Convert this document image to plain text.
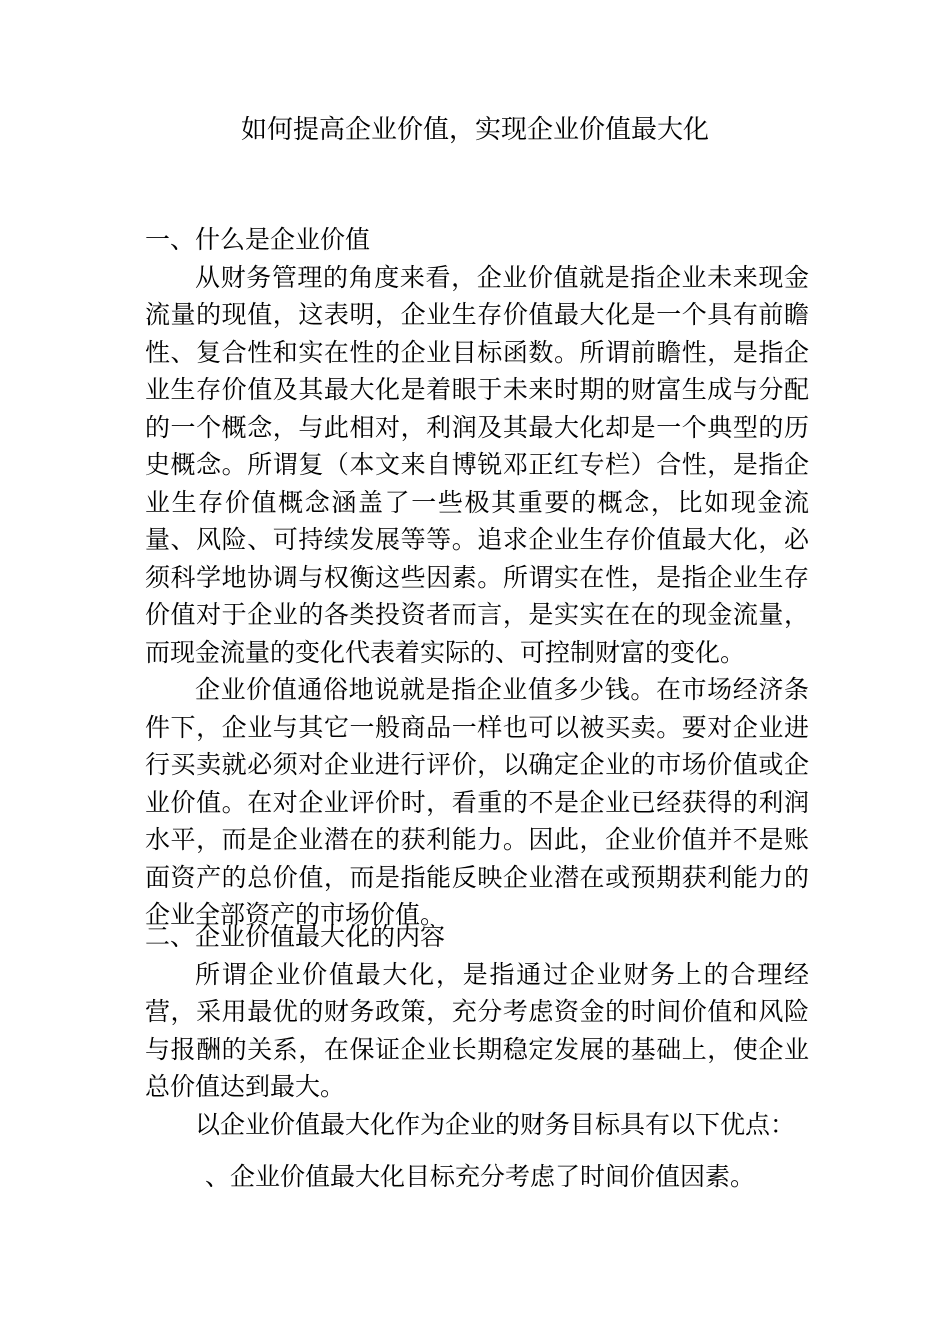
如何提高企业价值，实现企业价值最大化

一、什么是企业价值

从财务管理的角度来看，企业价值就是指企业未来现金流量的现值，这表明，企业生存价值最大化是一个具有前瞻性、复合性和实在性的企业目标函数。所谓前瞻性，是指企业生存价值及其最大化是着眼于未来时期的财富生成与分配的一个概念，与此相对，利润及其最大化却是一个典型的历史概念。所谓复（本文来自博锐邓正红专栏）合性，是指企业生存价值概念涵盖了一些极其重要的概念，比如现金流量、风险、可持续发展等等。追求企业生存价值最大化，必须科学地协调与权衡这些因素。所谓实在性，是指企业生存价值对于企业的各类投资者而言，是实实在在的现金流量，而现金流量的变化代表着实际的、可控制财富的变化。

企业价值通俗地说就是指企业值多少钱。在市场经济条件下，企业与其它一般商品一样也可以被买卖。要对企业进行买卖就必须对企业进行评价，以确定企业的市场价值或企业价值。在对企业评价时，看重的不是企业已经获得的利润水平，而是企业潜在的获利能力。因此，企业价值并不是账面资产的总价值，而是指能反映企业潜在或预期获利能力的企业全部资产的市场价值。

二、企业价值最大化的内容

所谓企业价值最大化，是指通过企业财务上的合理经营，采用最优的财务政策，充分考虑资金的时间价值和风险与报酬的关系，在保证企业长期稳定发展的基础上，使企业总价值达到最大。

以企业价值最大化作为企业的财务目标具有以下优点：

、企业价值最大化目标充分考虑了时间价值因素。
